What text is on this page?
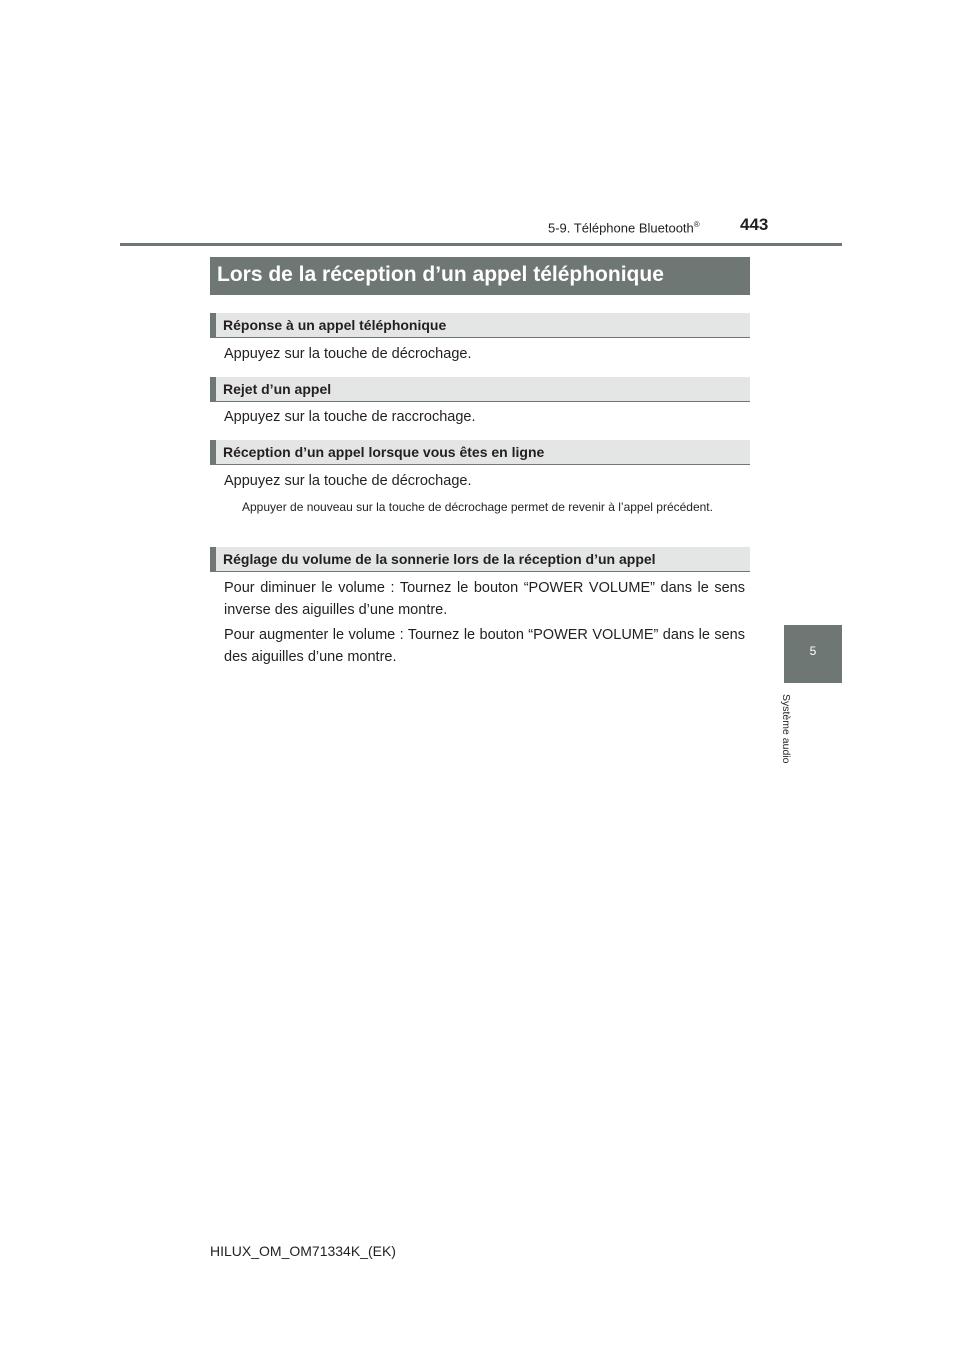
5-9. Téléphone Bluetooth® 443
5
Système audio
Lors de la réception d’un appel téléphonique
Réponse à un appel téléphonique
Appuyez sur la touche de décrochage.
Rejet d’un appel
Appuyez sur la touche de raccrochage.
Réception d’un appel lorsque vous êtes en ligne
Appuyez sur la touche de décrochage.
Appuyer de nouveau sur la touche de décrochage permet de revenir à l’appel précédent.
Réglage du volume de la sonnerie lors de la réception d’un appel
Pour diminuer le volume : Tournez le bouton “POWER VOLUME” dans le sens inverse des aiguilles d’une montre.
Pour augmenter le volume : Tournez le bouton “POWER VOLUME” dans le sens des aiguilles d’une montre.
HILUX_OM_OM71334K_(EK)
